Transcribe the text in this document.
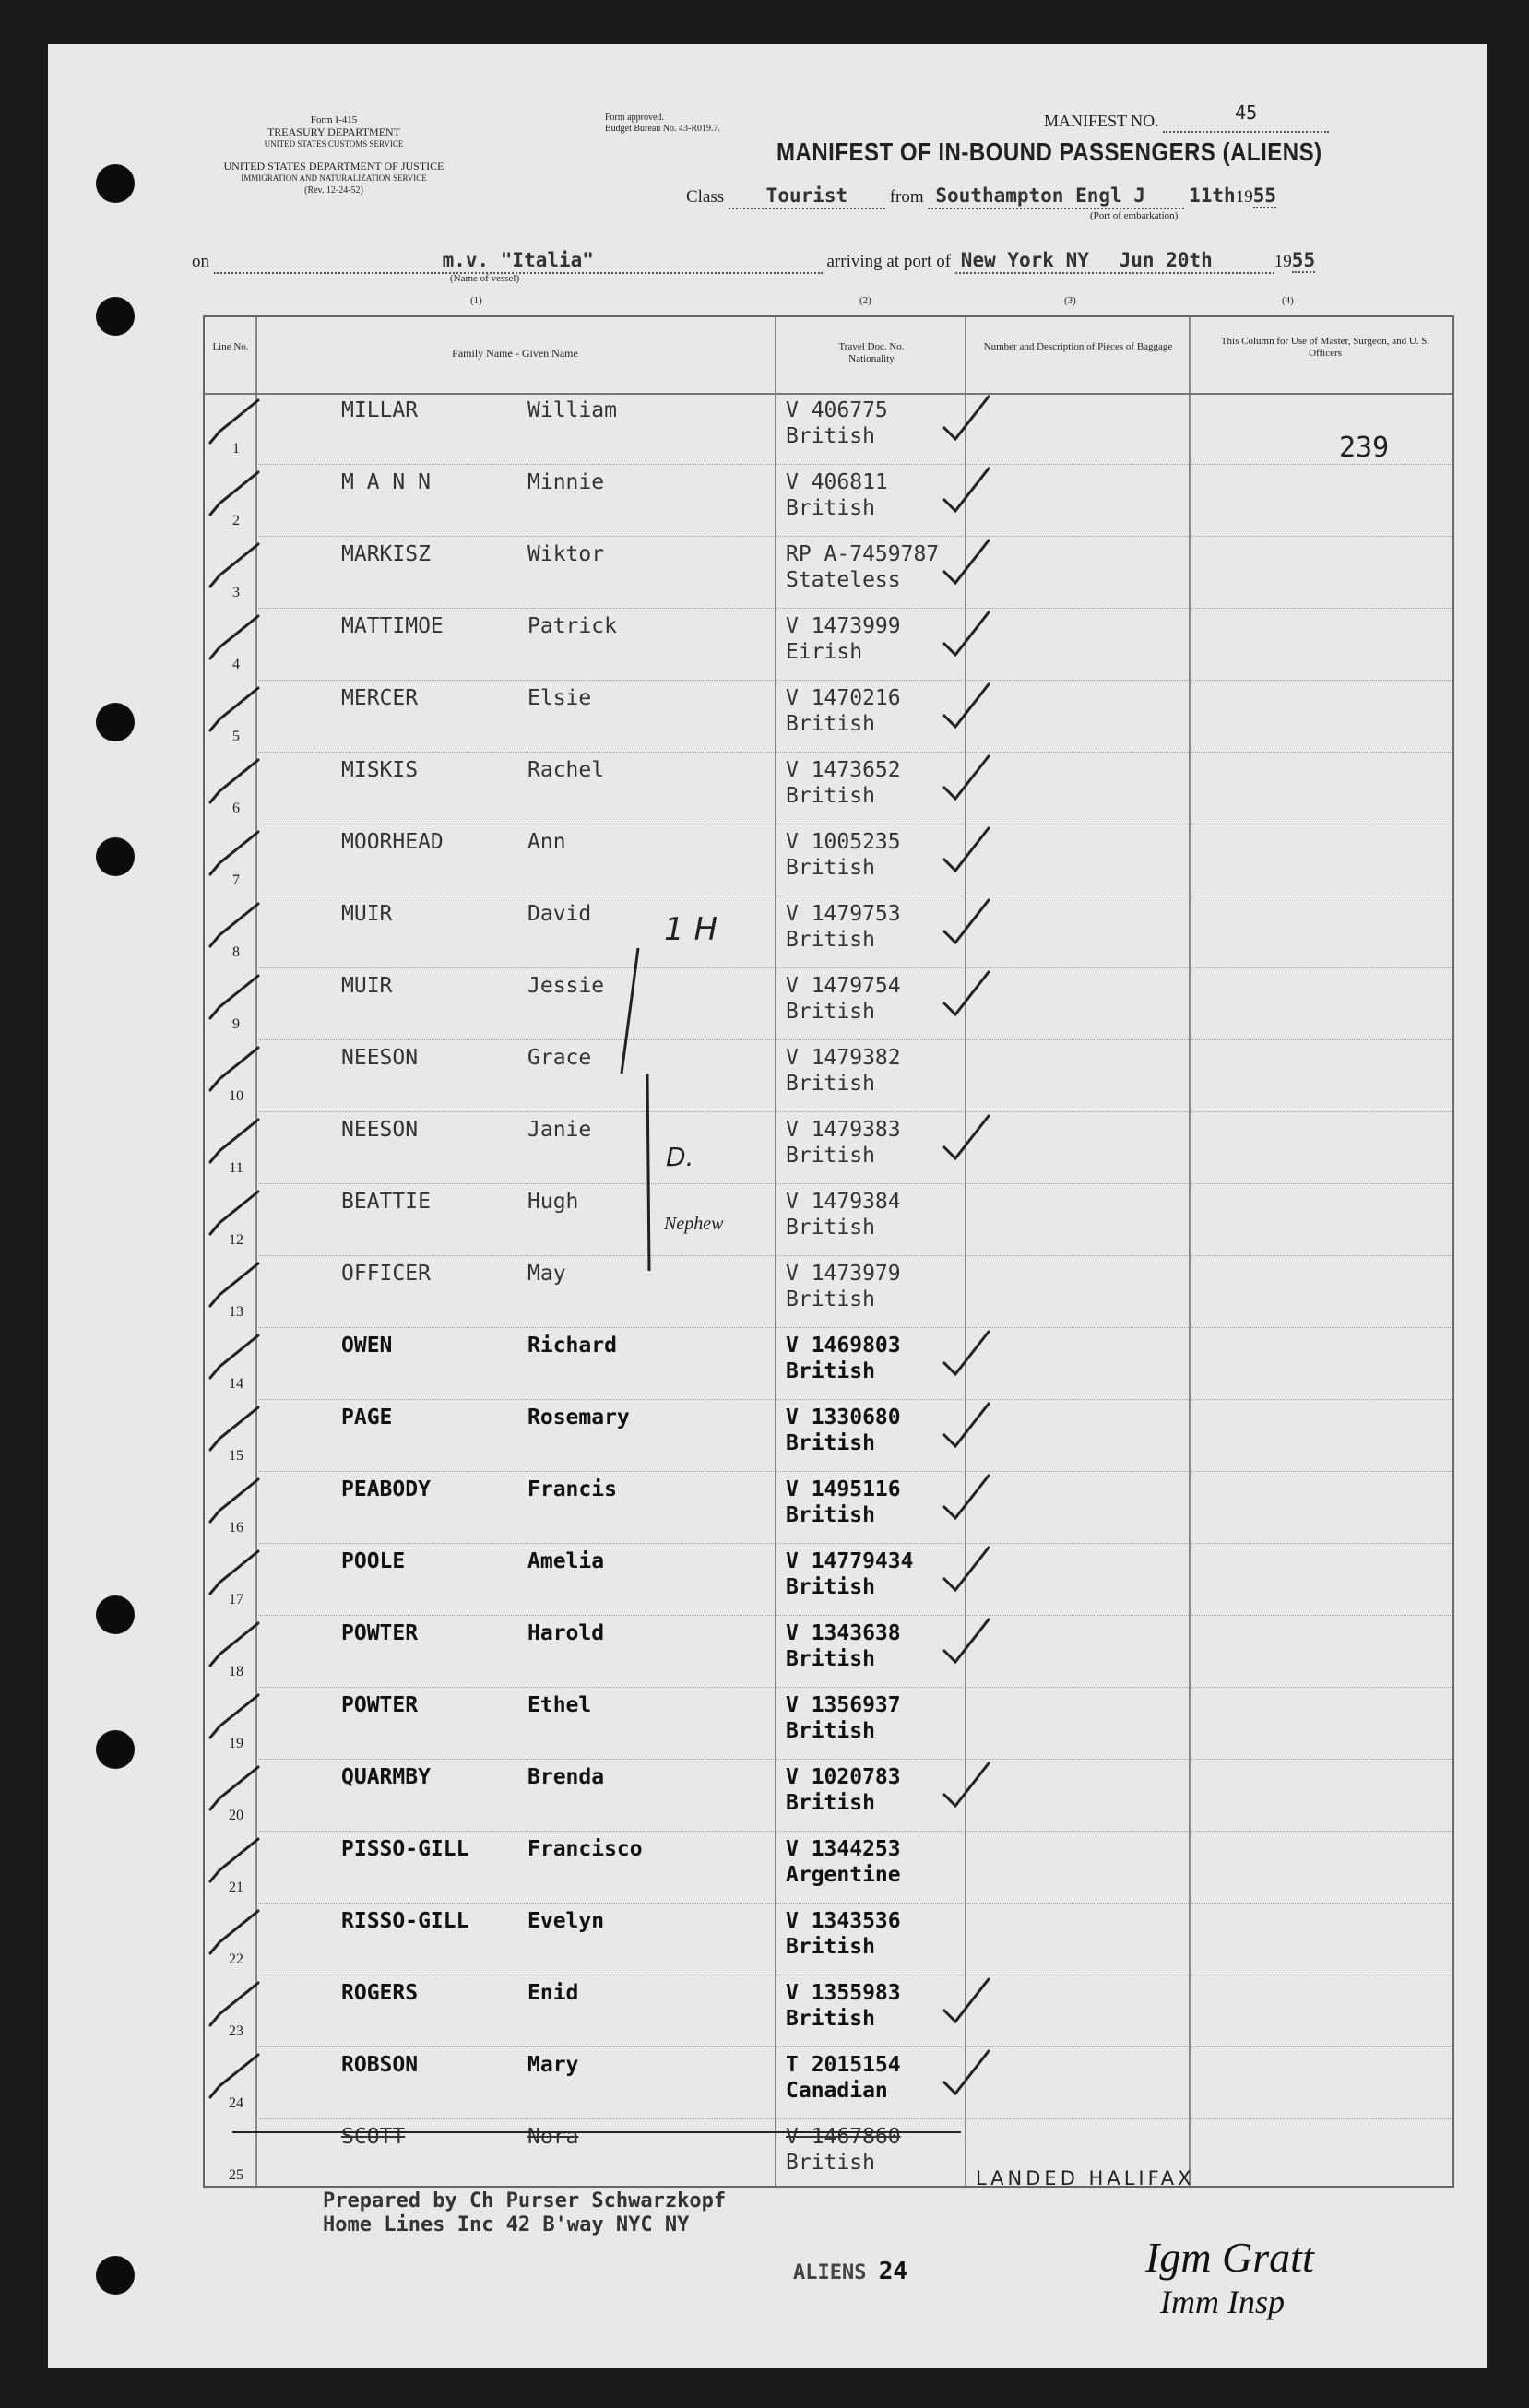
Form I-415
TREASURY DEPARTMENT
UNITED STATES CUSTOMS SERVICE
UNITED STATES DEPARTMENT OF JUSTICE
IMMIGRATION AND NATURALIZATION SERVICE
(Rev. 12-24-52)
Form approved.
Budget Bureau No. 43-R019.7.	MANIFEST NO.	45
MANIFEST OF IN-BOUND PASSENGERS (ALIENS)
Class Tourist from Southampton Engl J 11th1955
(Port of embarkation)
on	m.v. "Italia"	arriving at port of New York NY Jun 20th	1955
(Name of vessel)
(1)	(2)	(3)	(4)
Line No.	Family Name - Given Name	Travel Doc. No. Nationality
Number and Description of Pieces of Baggage	This Column for Use of Master, Surgeon, and U. S. Officers
1
MILLAR	William	V 406775
British
2
M A N N	Minnie	V 406811
British
3
MARKISZ	Wiktor	RP A-7459787
Stateless
4
MATTIMOE	Patrick	V 1473999
Eirish
5
MERCER	Elsie	V 1470216
British
6
MISKIS	Rachel	V 1473652
British
7
MOORHEAD	Ann	V 1005235
British
8
MUIR	David	V 1479753
British
9
MUIR	Jessie	V 1479754
British
10
NEESON	Grace	V 1479382
British
11
NEESON	Janie	V 1479383
British
12
BEATTIE	Hugh	V 1479384
British
13
OFFICER	May	V 1473979
British
14
OWEN	Richard	V 1469803
British
15
PAGE	Rosemary	V 1330680
British
16
PEABODY	Francis	V 1495116
British
17
POOLE	Amelia	V 14779434
British
18
POWTER	Harold	V 1343638
British
19
POWTER	Ethel	V 1356937
British
20
QUARMBY	Brenda	V 1020783
British
21
PISSO-GILL	Francisco	V 1344253
Argentine
22
RISSO-GILL	Evelyn	V 1343536
British
23
ROGERS	Enid	V 1355983
British
24
ROBSON	Mary	T 2015154
Canadian
25
SCOTT	Nora	V 1467860
British
239
1 H
D.
Nephew
LANDED HALIFAX
Prepared by Ch Purser Schwarzkopf
Home Lines Inc 42 B'way NYC NY
ALIENS 24	Igm Gratt
Imm Insp
